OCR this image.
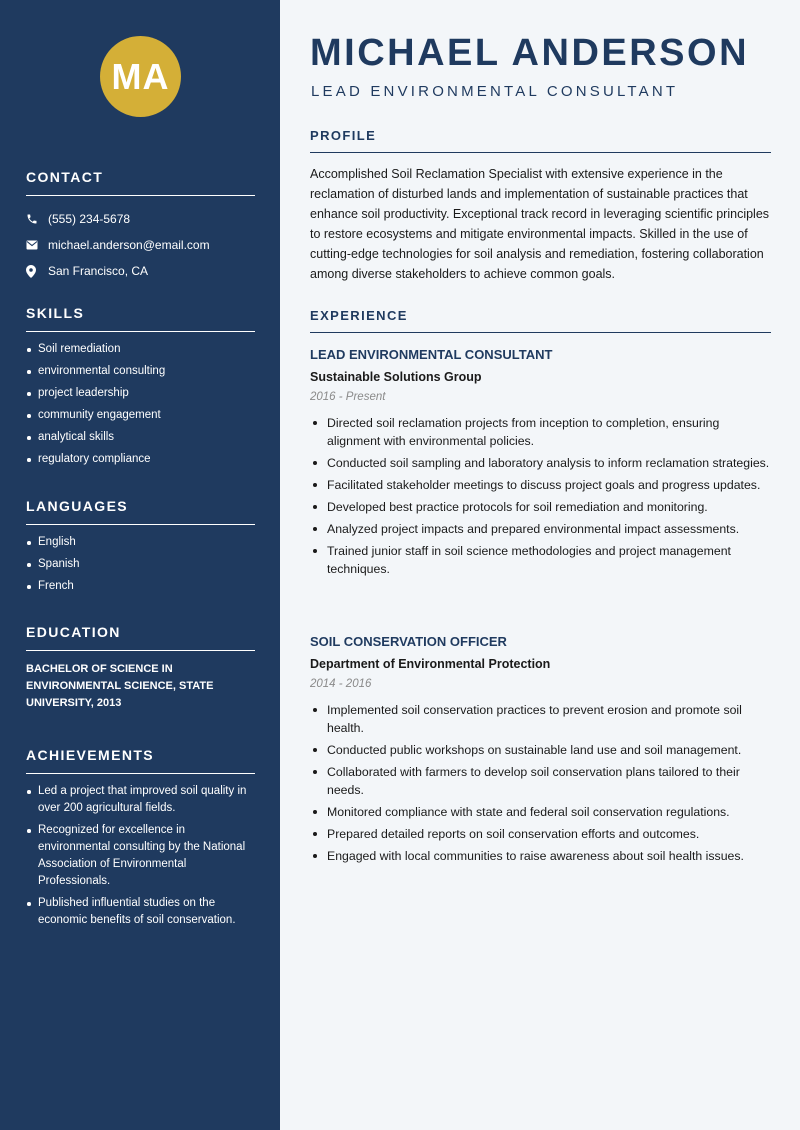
MA
CONTACT
(555) 234-5678
michael.anderson@email.com
San Francisco, CA
SKILLS
Soil remediation
environmental consulting
project leadership
community engagement
analytical skills
regulatory compliance
LANGUAGES
English
Spanish
French
EDUCATION
BACHELOR OF SCIENCE IN ENVIRONMENTAL SCIENCE, STATE UNIVERSITY, 2013
ACHIEVEMENTS
Led a project that improved soil quality in over 200 agricultural fields.
Recognized for excellence in environmental consulting by the National Association of Environmental Professionals.
Published influential studies on the economic benefits of soil conservation.
MICHAEL ANDERSON
LEAD ENVIRONMENTAL CONSULTANT
PROFILE

Accomplished Soil Reclamation Specialist with extensive experience in the reclamation of disturbed lands and implementation of sustainable practices that enhance soil productivity. Exceptional track record in leveraging scientific principles to restore ecosystems and mitigate environmental impacts. Skilled in the use of cutting-edge technologies for soil analysis and remediation, fostering collaboration among diverse stakeholders to achieve common goals.

EXPERIENCE
LEAD ENVIRONMENTAL CONSULTANT
Sustainable Solutions Group
2016 - Present
Directed soil reclamation projects from inception to completion, ensuring alignment with environmental policies.
Conducted soil sampling and laboratory analysis to inform reclamation strategies.
Facilitated stakeholder meetings to discuss project goals and progress updates.
Developed best practice protocols for soil remediation and monitoring.
Analyzed project impacts and prepared environmental impact assessments.
Trained junior staff in soil science methodologies and project management techniques.
SOIL CONSERVATION OFFICER
Department of Environmental Protection
2014 - 2016
Implemented soil conservation practices to prevent erosion and promote soil health.
Conducted public workshops on sustainable land use and soil management.
Collaborated with farmers to develop soil conservation plans tailored to their needs.
Monitored compliance with state and federal soil conservation regulations.
Prepared detailed reports on soil conservation efforts and outcomes.
Engaged with local communities to raise awareness about soil health issues.
